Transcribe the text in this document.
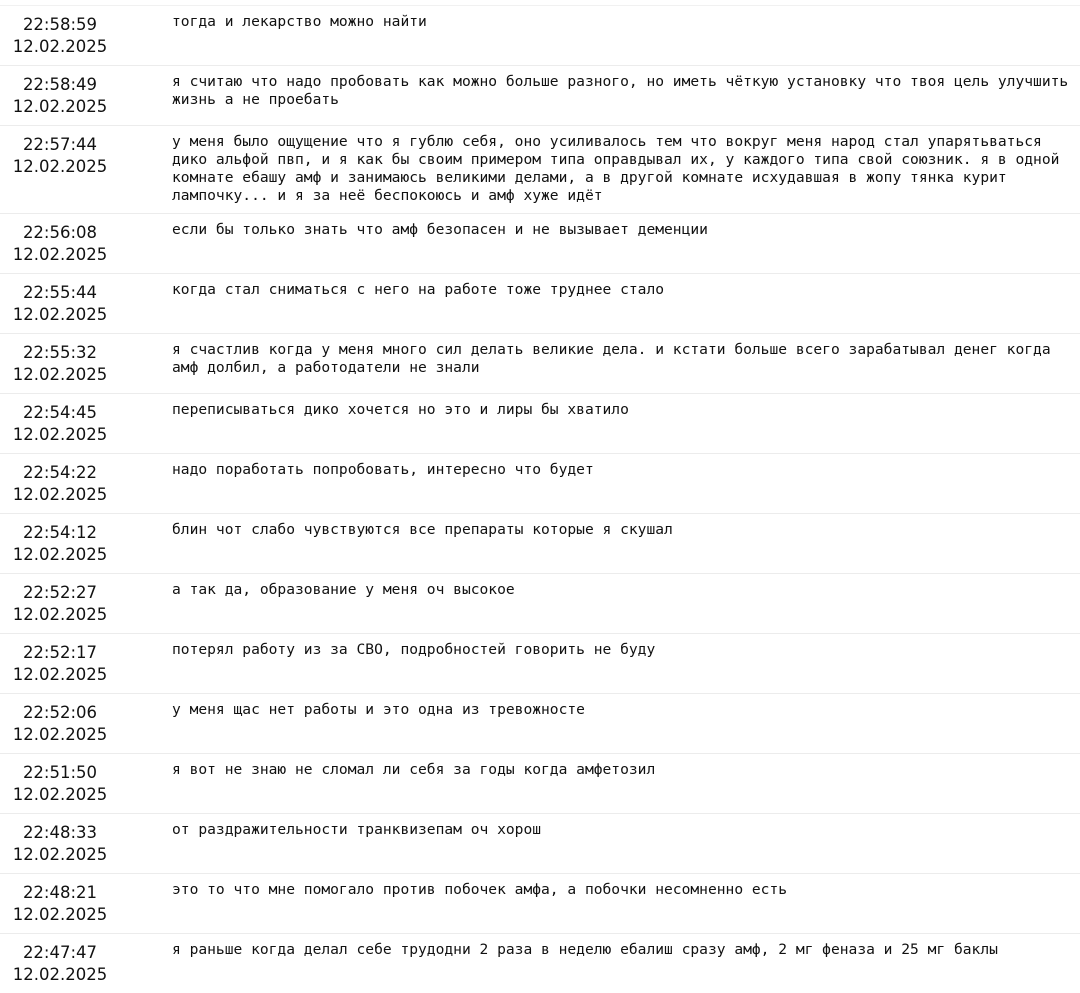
22:58:59
12.02.2025
тогда и лекарство можно найти
22:58:49
12.02.2025
я считаю что надо пробовать как можно больше разного, но иметь чёткую установку что твоя цель улучшить жизнь а не проебать
22:57:44
12.02.2025
у меня было ощущение что я гублю себя, оно усиливалось тем что вокруг меня народ стал упарятьваться дико альфой пвп, и я как бы своим примером типа оправдывал их, у каждого типа свой союзник. я в одной комнате ебашу амф и занимаюсь великими делами, а в другой комнате исхудавшая в жопу тянка курит лампочку... и я за неё беспокоюсь и амф хуже идёт
22:56:08
12.02.2025
если бы только знать что амф безопасен и не вызывает деменции
22:55:44
12.02.2025
когда стал сниматься с него на работе тоже труднее стало
22:55:32
12.02.2025
я счастлив когда у меня много сил делать великие дела. и кстати больше всего зарабатывал денег когда амф долбил, а работодатели не знали
22:54:45
12.02.2025
переписываться дико хочется но это и лиры бы хватило
22:54:22
12.02.2025
надо поработать попробовать, интересно что будет
22:54:12
12.02.2025
блин чот слабо чувствуются все препараты которые я скушал
22:52:27
12.02.2025
а так да, образование у меня оч высокое
22:52:17
12.02.2025
потерял работу из за СВО, подробностей говорить не буду
22:52:06
12.02.2025
у меня щас нет работы и это одна из тревожносте
22:51:50
12.02.2025
я вот не знаю не сломал ли себя за годы когда амфетозил
22:48:33
12.02.2025
от раздражительности транквизепам оч хорош
22:48:21
12.02.2025
это то что мне помогало против побочек амфа, а побочки несомненно есть
22:47:47
12.02.2025
я раньше когда делал себе трудодни 2 раза в неделю ебалиш сразу амф, 2 мг феназа и 25 мг баклы
